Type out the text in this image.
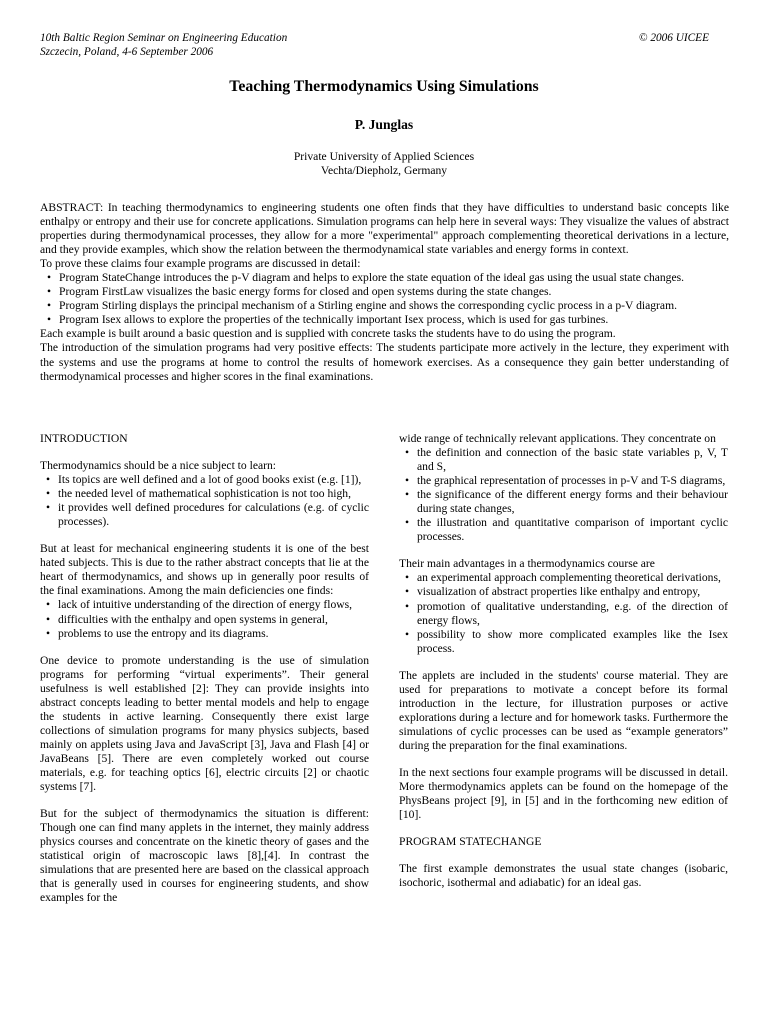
10th Baltic Region Seminar on Engineering Education
Szczecin, Poland, 4-6 September 2006
© 2006 UICEE
Teaching Thermodynamics Using Simulations
P. Junglas
Private University of Applied Sciences
Vechta/Diepholz, Germany

ABSTRACT: In teaching thermodynamics to engineering students one often finds that they have difficulties to understand basic concepts like enthalpy or entropy and their use for concrete applications. Simulation programs can help here in several ways: They visualize the values of abstract properties during thermodynamical processes, they allow for a more "experimental" approach complementing theoretical derivations in a lecture, and they provide examples, which show the relation between the thermodynamical state variables and energy forms in context.

To prove these claims four example programs are discussed in detail:

• Program StateChange introduces the p-V diagram and helps to explore the state equation of the ideal gas using the usual state changes.
• Program FirstLaw visualizes the basic energy forms for closed and open systems during the state changes.
• Program Stirling displays the principal mechanism of a Stirling engine and shows the corresponding cyclic process in a p-V diagram.
• Program Isex allows to explore the properties of the technically important Isex process, which is used for gas turbines.

Each example is built around a basic question and is supplied with concrete tasks the students have to do using the program.

The introduction of the simulation programs had very positive effects: The students participate more actively in the lecture, they experiment with the systems and use the programs at home to control the results of homework exercises. As a consequence they gain better understanding of thermodynamical processes and higher scores in the final examinations.

INTRODUCTION

Thermodynamics should be a nice subject to learn:

• Its topics are well defined and a lot of good books exist (e.g. [1]),
• the needed level of mathematical sophistication is not too high,
• it provides well defined procedures for calculations (e.g. of cyclic processes).

But at least for mechanical engineering students it is one of the best hated subjects. This is due to the rather abstract concepts that lie at the heart of thermodynamics, and shows up in generally poor results of the final examinations. Among the main deficiencies one finds:

• lack of intuitive understanding of the direction of energy flows,
• difficulties with the enthalpy and open systems in general,
• problems to use the entropy and its diagrams.

One device to promote understanding is the use of simulation programs for performing “virtual experiments”. Their general usefulness is well established [2]: They can provide insights into abstract concepts leading to better mental models and help to engage the students in active learning. Consequently there exist large collections of simulation programs for many physics subjects, based mainly on applets using Java and JavaScript [3], Java and Flash [4] or JavaBeans [5]. There are even completely worked out course materials, e.g. for teaching optics [6], electric circuits [2] or chaotic systems [7].

But for the subject of thermodynamics the situation is different: Though one can find many applets in the internet, they mainly address physics courses and concentrate on the kinetic theory of gases and the statistical origin of macroscopic laws [8],[4]. In contrast the simulations that are presented here are based on the classical approach that is generally used in courses for engineering students, and show examples for the

wide range of technically relevant applications. They concentrate on

• the definition and connection of the basic state variables p, V, T and S,
• the graphical representation of processes in p-V and T-S diagrams,
• the significance of the different energy forms and their behaviour during state changes,
• the illustration and quantitative comparison of important cyclic processes.

Their main advantages in a thermodynamics course are

• an experimental approach complementing theoretical derivations,
• visualization of abstract properties like enthalpy and entropy,
• promotion of qualitative understanding, e.g. of the direction of energy flows,
• possibility to show more complicated examples like the Isex process.

The applets are included in the students' course material. They are used for preparations to motivate a concept before its formal introduction in the lecture, for illustration purposes or active explorations during a lecture and for homework tasks. Furthermore the simulations of cyclic processes can be used as “example generators” during the preparation for the final examinations.

In the next sections four example programs will be discussed in detail. More thermodynamics applets can be found on the homepage of the PhysBeans project [9], in [5] and in the forthcoming new edition of [10].

PROGRAM STATECHANGE

The first example demonstrates the usual state changes (isobaric, isochoric, isothermal and adiabatic) for an ideal gas.
